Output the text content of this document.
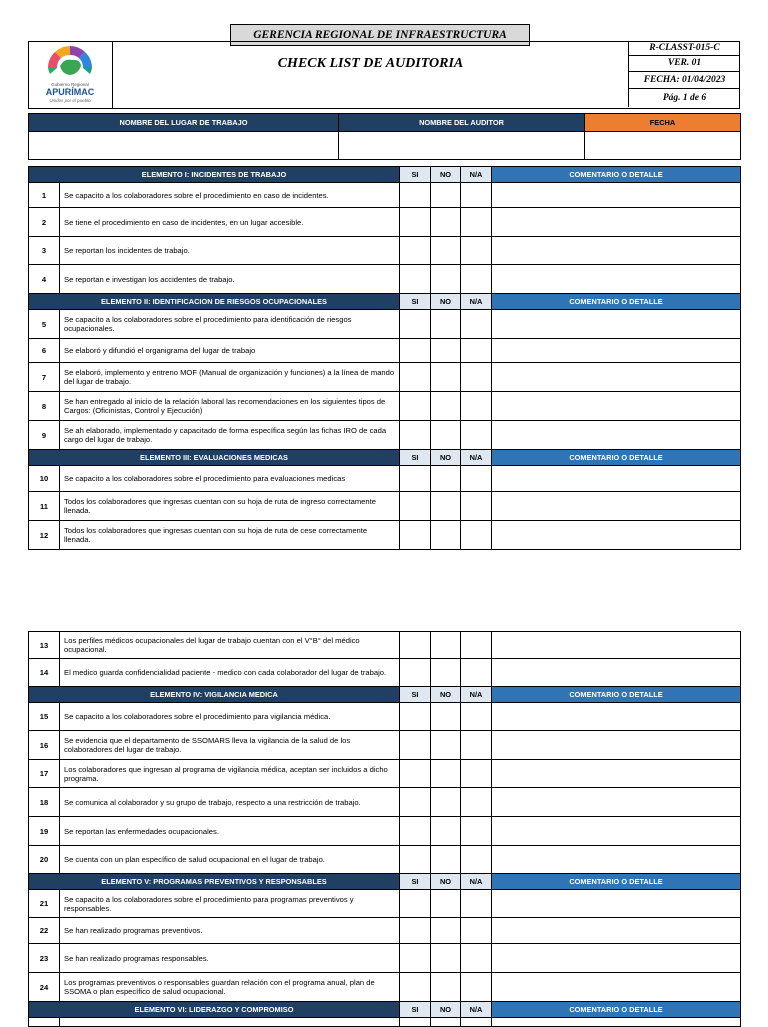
GERENCIA REGIONAL DE INFRAESTRUCTURA
Gobierno Regional
APURÍMAC
Unidos por el pueblo
CHECK LIST DE AUDITORIA
R-CLASST-015-C
VER. 01
FECHA: 01/04/2023
Pág. 1 de 6
NOMBRE DEL LUGAR DE TRABAJO	NOMBRE DEL AUDITOR	FECHA

ELEMENTO I: INCIDENTES DE TRABAJO		SI	NO	N/A	COMENTARIO O DETALLE
1	Se capacito a los colaboradores sobre el procedimiento en caso de incidentes.				
2	Se tiene el procedimiento en caso de incidentes, en un lugar accesible.				
3	Se reportan los incidentes de trabajo.				
4	Se reportan e investigan los accidentes de trabajo.				
ELEMENTO II: IDENTIFICACION DE RIESGOS OCUPACIONALES		SI	NO	N/A	COMENTARIO O DETALLE
5	Se capacito a los colaboradores sobre el procedimiento para identificación de riesgos ocupacionales.				
6	Se elaboró y difundió el organigrama del lugar de trabajo				
7	Se elaboró, implemento y entreno MOF (Manual de organización y funciones) a la línea de mando del lugar de trabajo.				
8	Se han entregado al inicio de la relación laboral las recomendaciones en los siguientes tipos de Cargos: (Oficinistas, Control y Ejecución)				
9	Se ah elaborado, implementado y capacitado de forma específica según las fichas IRO de cada cargo del lugar de trabajo.				
ELEMENTO III: EVALUACIONES MEDICAS		SI	NO	N/A	COMENTARIO O DETALLE
10	Se capacito a los colaboradores sobre el procedimiento para evaluaciones medicas				
11	Todos los colaboradores que ingresas cuentan con su hoja de ruta de ingreso correctamente llenada.				
12	Todos los colaboradores que ingresas cuentan con su hoja de ruta de cese correctamente llenada.				
13	Los perfiles médicos ocupacionales del lugar de trabajo cuentan con el V°B° del médico ocupacional.				
14	El medico guarda confidencialidad paciente - medico con cada colaborador del lugar de trabajo.				
ELEMENTO IV: VIGILANCIA MEDICA		SI	NO	N/A	COMENTARIO O DETALLE
15	Se capacito a los colaboradores sobre el procedimiento para vigilancia médica.				
16	Se evidencia que el departamento de SSOMARS lleva la vigilancia de la salud de los colaboradores del lugar de trabajo.				
17	Los colaboradores que ingresan al programa de vigilancia médica, aceptan ser incluidos a dicho programa.				
18	Se comunica al colaborador y su grupo de trabajo, respecto a una restricción de trabajo.				
19	Se reportan las enfermedades ocupacionales.				
20	Se cuenta con un plan específico de salud ocupacional en el lugar de trabajo.				
ELEMENTO V: PROGRAMAS PREVENTIVOS Y RESPONSABLES		SI	NO	N/A	COMENTARIO O DETALLE
21	Se capacito a los colaboradores sobre el procedimiento para programas preventivos y responsables.				
22	Se han realizado programas preventivos.				
23	Se han realizado programas responsables.				
24	Los programas preventivos o responsables guardan relación con el programa anual, plan de SSOMA o plan específico de salud ocupacional.				
ELEMENTO VI: LIDERAZGO Y COMPROMISO		SI	NO	N/A	COMENTARIO O DETALLE
